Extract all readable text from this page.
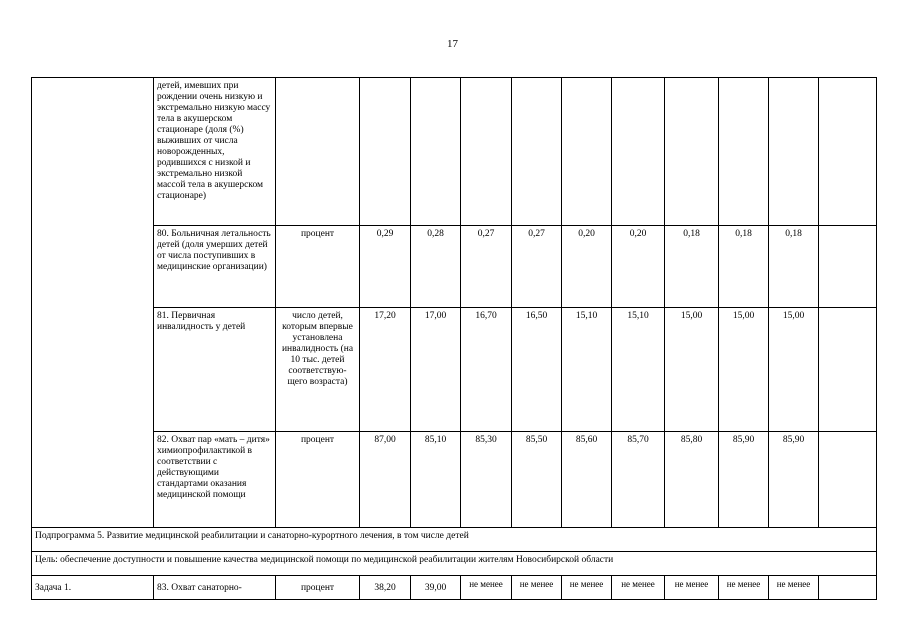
17
	детей, имевших при рождении очень низкую и экстремально низкую массу тела в акушерском стационаре (доля (%) выживших от числа новорожденных, родившихся с низкой и экстремально низкой массой тела в акушерском стационаре)											
	80. Больничная летальность детей (доля умерших детей от числа поступивших в медицинские организации)	процент	0,29	0,28	0,27	0,27	0,20	0,20	0,18	0,18	0,18	
	81. Первичная инвалидность у детей	число детей, которым впервые установлена инвалидность (на 10 тыс. детей соответствую-щего возраста)	17,20	17,00	16,70	16,50	15,10	15,10	15,00	15,00	15,00	
	82. Охват пар «мать – дитя» химиопрофилактикой в соответствии с действующими стандартами оказания медицинской помощи	процент	87,00	85,10	85,30	85,50	85,60	85,70	85,80	85,90	85,90	
Подпрограмма 5. Развитие медицинской реабилитации и санаторно-курортного лечения, в том числе детей												
Цель: обеспечение доступности и повышение качества медицинской помощи по медицинской реабилитации жителям Новосибирской области												
Задача 1.	83. Охват санаторно-	процент	38,20	39,00	не менее	не менее	не менее	не менее	не менее	не менее	не менее	
